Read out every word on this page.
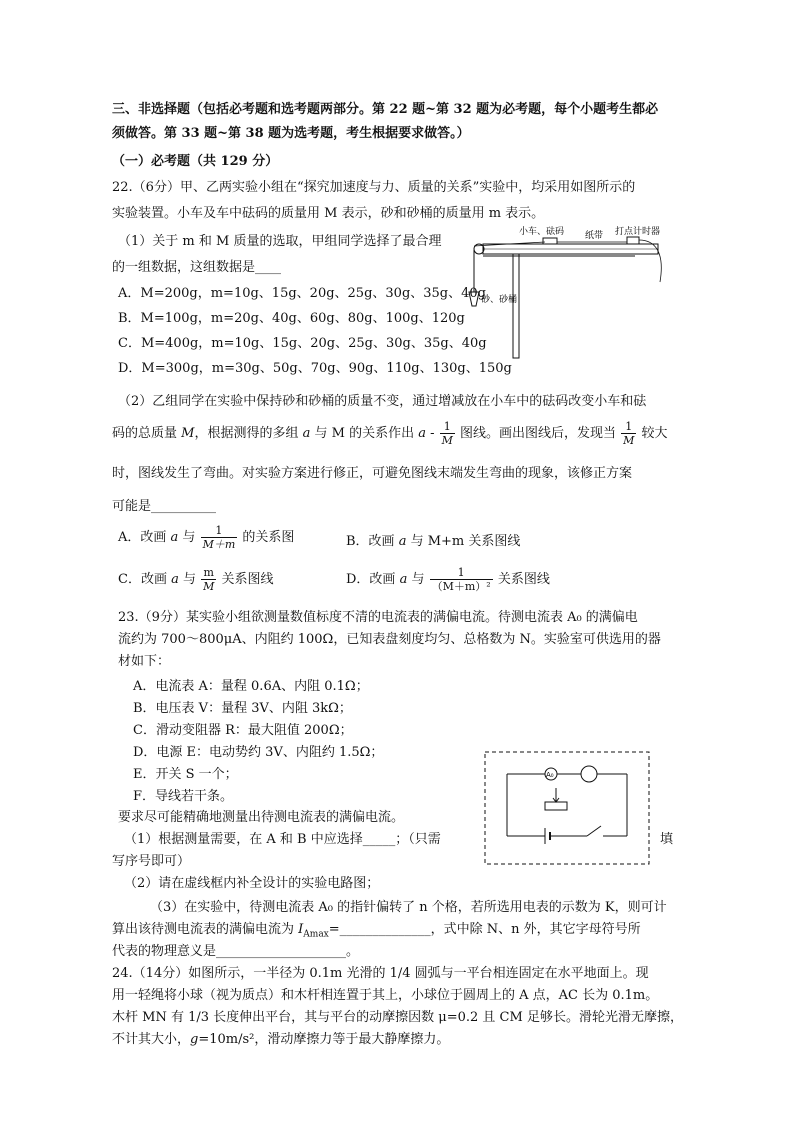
三、非选择题（包括必考题和选考题两部分。第 22 题~第 32 题为必考题，每个小题考生都必
须做答。第 33 题~第 38 题为选考题，考生根据要求做答。）
（一）必考题（共 129 分）
22.（6分）甲、乙两实验小组在“探究加速度与力、质量的关系”实验中，均采用如图所示的
实验装置。小车及车中砝码的质量用 M 表示，砂和砂桶的质量用 m 表示。
（1）关于 m 和 M 质量的选取，甲组同学选择了最合理
的一组数据，这组数据是____
A．M=200g，m=10g、15g、20g、25g、30g、35g、40g
B．M=100g，m=20g、40g、60g、80g、100g、120g
C．M=400g，m=10g、15g、20g、25g、30g、35g、40g
D．M=300g，m=30g、50g、70g、90g、110g、130g、150g
小车、砝码 纸带 打点计时器
砂、砂桶
（2）乙组同学在实验中保持砂和砂桶的质量不变，通过增减放在小车中的砝码改变小车和砝
码的总质量 M，根据测得的多组 a 与 M 的关系作出 a - $\frac{1}{M}$ 图线。画出图线后，发现当 $\frac{1}{M}$ 较大
时，图线发生了弯曲。对实验方案进行修正，可避免图线末端发生弯曲的现象，该修正方案
可能是__________
A．改画 a 与 $\frac{1}{M+m}$ 的关系图	B．改画 a 与 M+m 关系图线
C．改画 a 与 $\frac{m}{M}$ 关系图线	D．改画 a 与 $\frac{1}{\text{（M＋m）²}}$ 关系图线
23.（9分）某实验小组欲测量数值标度不清的电流表的满偏电流。待测电流表 A₀ 的满偏电
流约为 700～800μA、内阻约 100Ω，已知表盘刻度均匀、总格数为 N。实验室可供选用的器
材如下：
A．电流表 A：量程 0.6A、内阻 0.1Ω；
B．电压表 V：量程 3V、内阻 3kΩ；
C．滑动变阻器 R：最大阻值 200Ω；
D．电源 E：电动势约 3V、内阻约 1.5Ω；
E．开关 S 一个；
F．导线若干条。
要求尽可能精确地测量出待测电流表的满偏电流。
（1）根据测量需要，在 A 和 B 中应选择_____；（只需	填
写序号即可）
（2）请在虚线框内补全设计的实验电路图；
（3）在实验中，待测电流表 A₀ 的指针偏转了 n 个格，若所选用电表的示数为 K，则可计
算出该待测电流表的满偏电流为 $I_{Amax}=\_\_\_\_\_\_\_\_\_\_\_\_\_\_$，式中除 N、n 外，其它字母符号所
代表的物理意义是____________________。
A₀
24.（14分）如图所示，一半径为 0.1m 光滑的 1/4 圆弧与一平台相连固定在水平地面上。现
用一轻绳将小球（视为质点）和木杆相连置于其上，小球位于圆周上的 A 点，AC 长为 0.1m。
木杆 MN 有 1/3 长度伸出平台，其与平台的动摩擦因数 μ=0.2 且 CM 足够长。滑轮光滑无摩擦，
不计其大小，g=10m/s²，滑动摩擦力等于最大静摩擦力。
